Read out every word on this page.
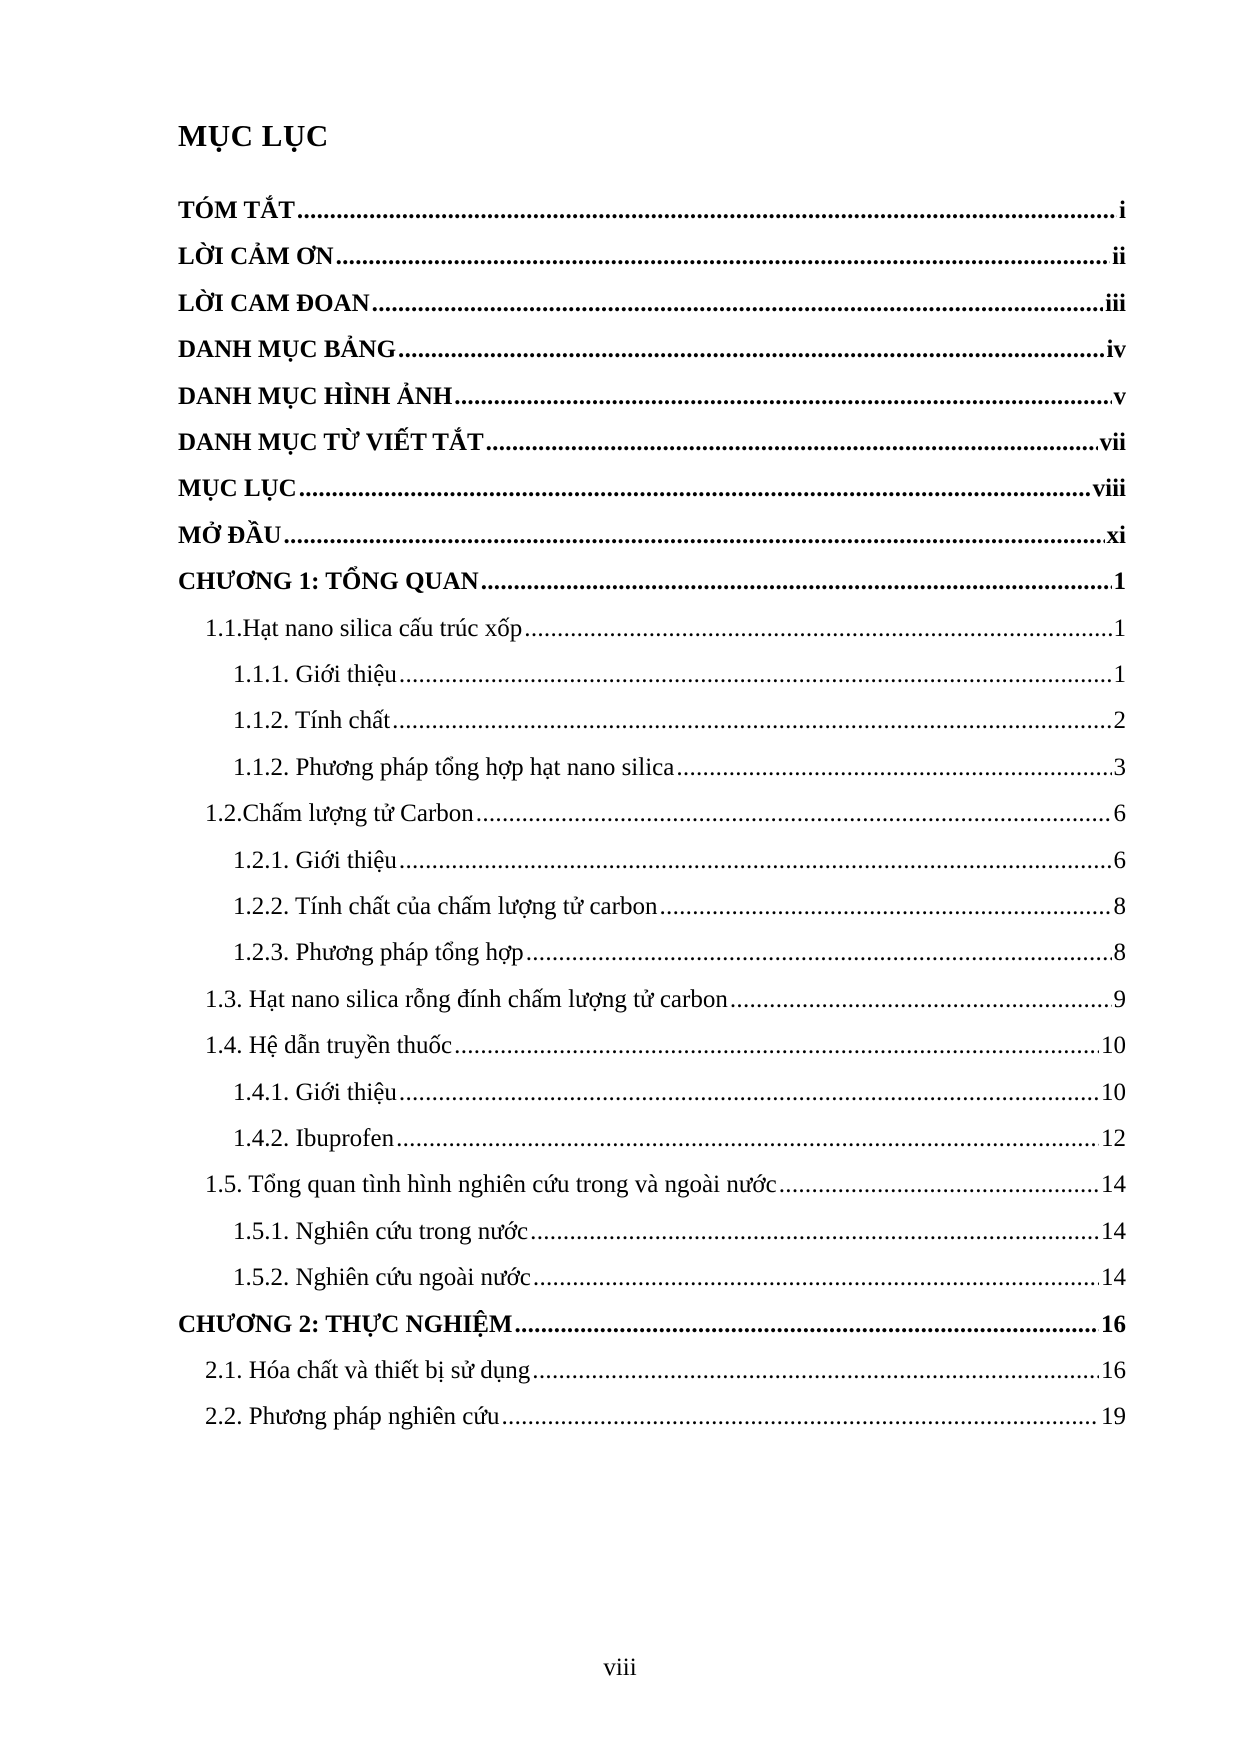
MỤC LỤC
TÓM TẮT .....	i
LỜI CẢM ƠN .....	ii
LỜI CAM ĐOAN .....	iii
DANH MỤC BẢNG .....	iv
DANH MỤC HÌNH ẢNH .....	v
DANH MỤC TỪ VIẾT TẮT .....	vii
MỤC LỤC .....	viii
MỞ ĐẦU .....	xi
CHƯƠNG 1: TỔNG QUAN .....	1
1.1. Hạt nano silica cấu trúc xốp .....	1
1.1.1. Giới thiệu .....	1
1.1.2. Tính chất .....	2
1.1.2. Phương pháp tổng hợp hạt nano silica .....	3
1.2. Chấm lượng tử Carbon .....	6
1.2.1. Giới thiệu .....	6
1.2.2. Tính chất của chấm lượng tử carbon .....	8
1.2.3. Phương pháp tổng hợp .....	8
1.3. Hạt nano silica rỗng đính chấm lượng tử carbon .....	9
1.4. Hệ dẫn truyền thuốc .....	10
1.4.1. Giới thiệu .....	10
1.4.2. Ibuprofen .....	12
1.5. Tổng quan tình hình nghiên cứu trong và ngoài nước .....	14
1.5.1. Nghiên cứu trong nước .....	14
1.5.2. Nghiên cứu ngoài nước .....	14
CHƯƠNG 2: THỰC NGHIỆM .....	16
2.1. Hóa chất và thiết bị sử dụng .....	16
2.2. Phương pháp nghiên cứu .....	19
viii
